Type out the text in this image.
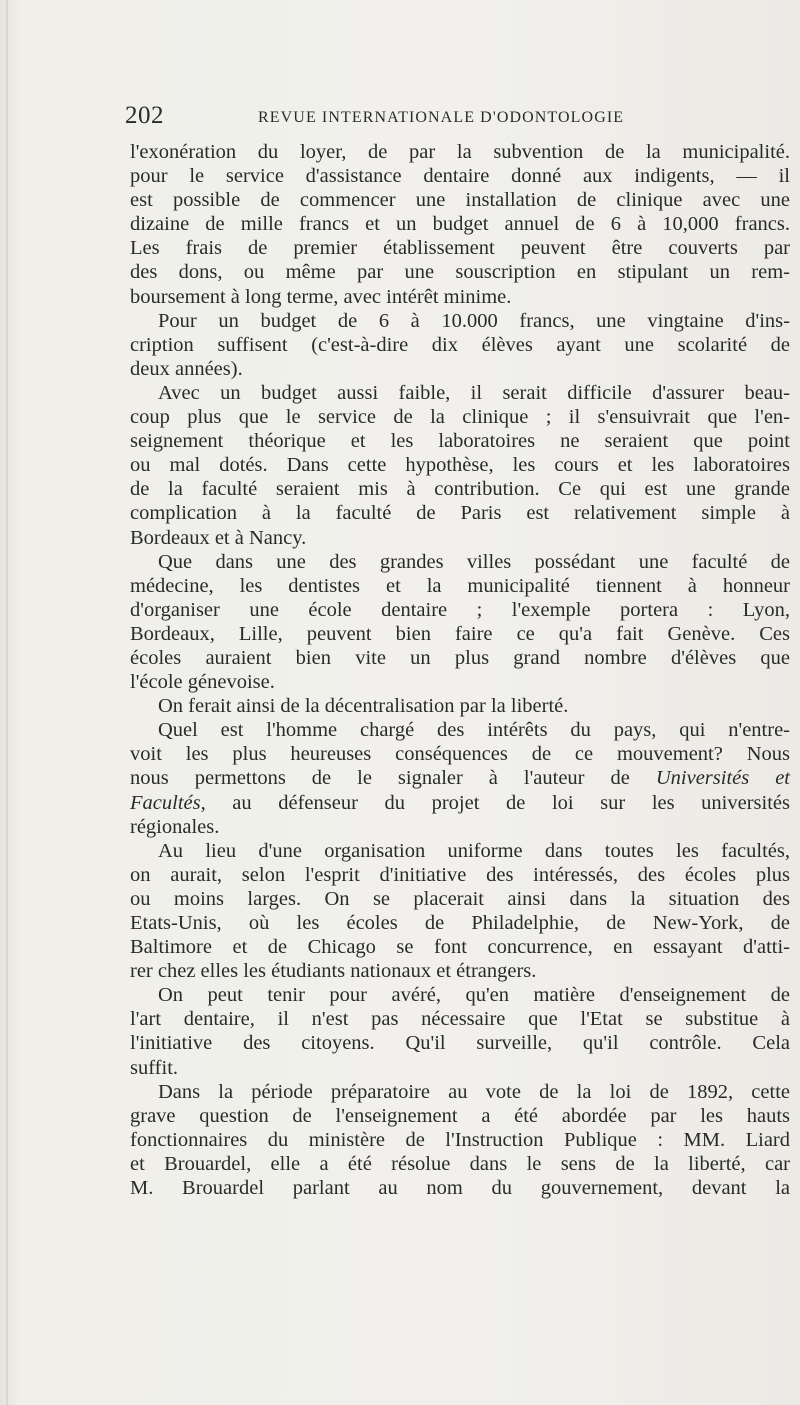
202	REVUE INTERNATIONALE D'ODONTOLOGIE
l'exonération du loyer, de par la subvention de la municipalité.
pour le service d'assistance dentaire donné aux indigents, — il
est possible de commencer une installation de clinique avec une
dizaine de mille francs et un budget annuel de 6 à 10,000 francs.
Les frais de premier établissement peuvent être couverts par
des dons, ou même par une souscription en stipulant un rem-
boursement à long terme, avec intérêt minime.
Pour un budget de 6 à 10.000 francs, une vingtaine d'ins-
cription suffisent (c'est-à-dire dix élèves ayant une scolarité de
deux années).
Avec un budget aussi faible, il serait difficile d'assurer beau-
coup plus que le service de la clinique ; il s'ensuivrait que l'en-
seignement théorique et les laboratoires ne seraient que point
ou mal dotés. Dans cette hypothèse, les cours et les laboratoires
de la faculté seraient mis à contribution. Ce qui est une grande
complication à la faculté de Paris est relativement simple à
Bordeaux et à Nancy.
Que dans une des grandes villes possédant une faculté de
médecine, les dentistes et la municipalité tiennent à honneur
d'organiser une école dentaire ; l'exemple portera : Lyon,
Bordeaux, Lille, peuvent bien faire ce qu'a fait Genève. Ces
écoles auraient bien vite un plus grand nombre d'élèves que
l'école génevoise.
On ferait ainsi de la décentralisation par la liberté.
Quel est l'homme chargé des intérêts du pays, qui n'entre-
voit les plus heureuses conséquences de ce mouvement? Nous
nous permettons de le signaler à l'auteur de Universités et
Facultés, au défenseur du projet de loi sur les universités
régionales.
Au lieu d'une organisation uniforme dans toutes les facultés,
on aurait, selon l'esprit d'initiative des intéressés, des écoles plus
ou moins larges. On se placerait ainsi dans la situation des
Etats-Unis, où les écoles de Philadelphie, de New-York, de
Baltimore et de Chicago se font concurrence, en essayant d'atti-
rer chez elles les étudiants nationaux et étrangers.
On peut tenir pour avéré, qu'en matière d'enseignement de
l'art dentaire, il n'est pas nécessaire que l'Etat se substitue à
l'initiative des citoyens. Qu'il surveille, qu'il contrôle. Cela
suffit.
Dans la période préparatoire au vote de la loi de 1892, cette
grave question de l'enseignement a été abordée par les hauts
fonctionnaires du ministère de l'Instruction Publique : MM. Liard
et Brouardel, elle a été résolue dans le sens de la liberté, car
M. Brouardel parlant au nom du gouvernement, devant la
